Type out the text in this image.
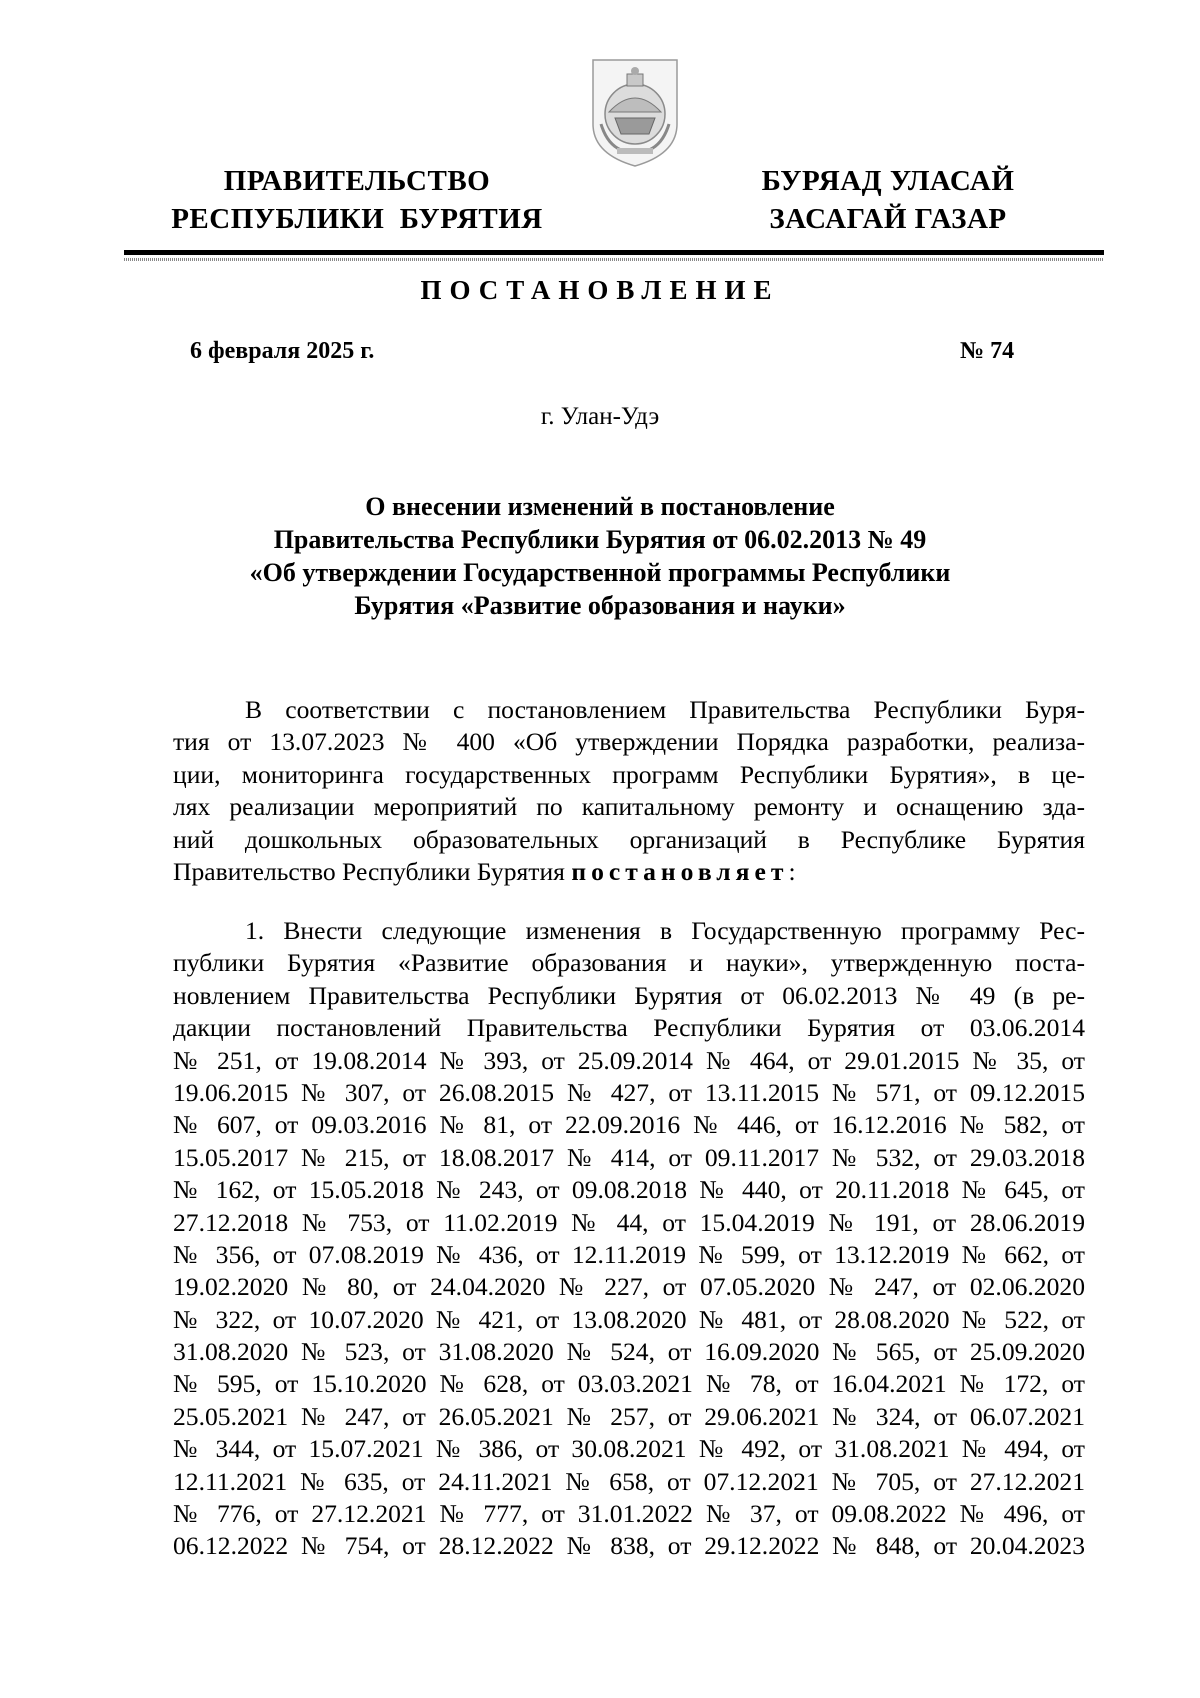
ПРАВИТЕЛЬСТВО
РЕСПУБЛИКИ  БУРЯТИЯ
БУРЯАД УЛАСАЙ
ЗАСАГАЙ ГАЗАР
ПОСТАНОВЛЕНИЕ
6 февраля 2025 г.	№ 74
г. Улан-Удэ
О внесении изменений в постановление
Правительства Республики Бурятия от 06.02.2013 № 49
«Об утверждении Государственной программы Республики
Бурятия «Развитие образования и науки»
В соответствии с постановлением Правительства Республики Буря-
тия от 13.07.2023 № 400 «Об утверждении Порядка разработки, реализа-
ции, мониторинга государственных программ Республики Бурятия», в це-
лях реализации мероприятий по капитальному ремонту и оснащению зда-
ний дошкольных образовательных организаций в Республике Бурятия
Правительство Республики Бурятия постановляет:
1. Внести следующие изменения в Государственную программу Рес-
публики Бурятия «Развитие образования и науки», утвержденную поста-
новлением Правительства Республики Бурятия от 06.02.2013 № 49 (в ре-
дакции постановлений Правительства Республики Бурятия от 03.06.2014
№ 251, от 19.08.2014 № 393, от 25.09.2014 № 464, от 29.01.2015 № 35, от
19.06.2015 № 307, от 26.08.2015 № 427, от 13.11.2015 № 571, от 09.12.2015
№ 607, от 09.03.2016 № 81, от 22.09.2016 № 446, от 16.12.2016 № 582, от
15.05.2017 № 215, от 18.08.2017 № 414, от 09.11.2017 № 532, от 29.03.2018
№ 162, от 15.05.2018 № 243, от 09.08.2018 № 440, от 20.11.2018 № 645, от
27.12.2018 № 753, от 11.02.2019 № 44, от 15.04.2019 № 191, от 28.06.2019
№ 356, от 07.08.2019 № 436, от 12.11.2019 № 599, от 13.12.2019 № 662, от
19.02.2020 № 80, от 24.04.2020 № 227, от 07.05.2020 № 247, от 02.06.2020
№ 322, от 10.07.2020 № 421, от 13.08.2020 № 481, от 28.08.2020 № 522, от
31.08.2020 № 523, от 31.08.2020 № 524, от 16.09.2020 № 565, от 25.09.2020
№ 595, от 15.10.2020 № 628, от 03.03.2021 № 78, от 16.04.2021 № 172, от
25.05.2021 № 247, от 26.05.2021 № 257, от 29.06.2021 № 324, от 06.07.2021
№ 344, от 15.07.2021 № 386, от 30.08.2021 № 492, от 31.08.2021 № 494, от
12.11.2021 № 635, от 24.11.2021 № 658, от 07.12.2021 № 705, от 27.12.2021
№ 776, от 27.12.2021 № 777, от 31.01.2022 № 37, от 09.08.2022 № 496, от
06.12.2022 № 754, от 28.12.2022 № 838, от 29.12.2022 № 848, от 20.04.2023
